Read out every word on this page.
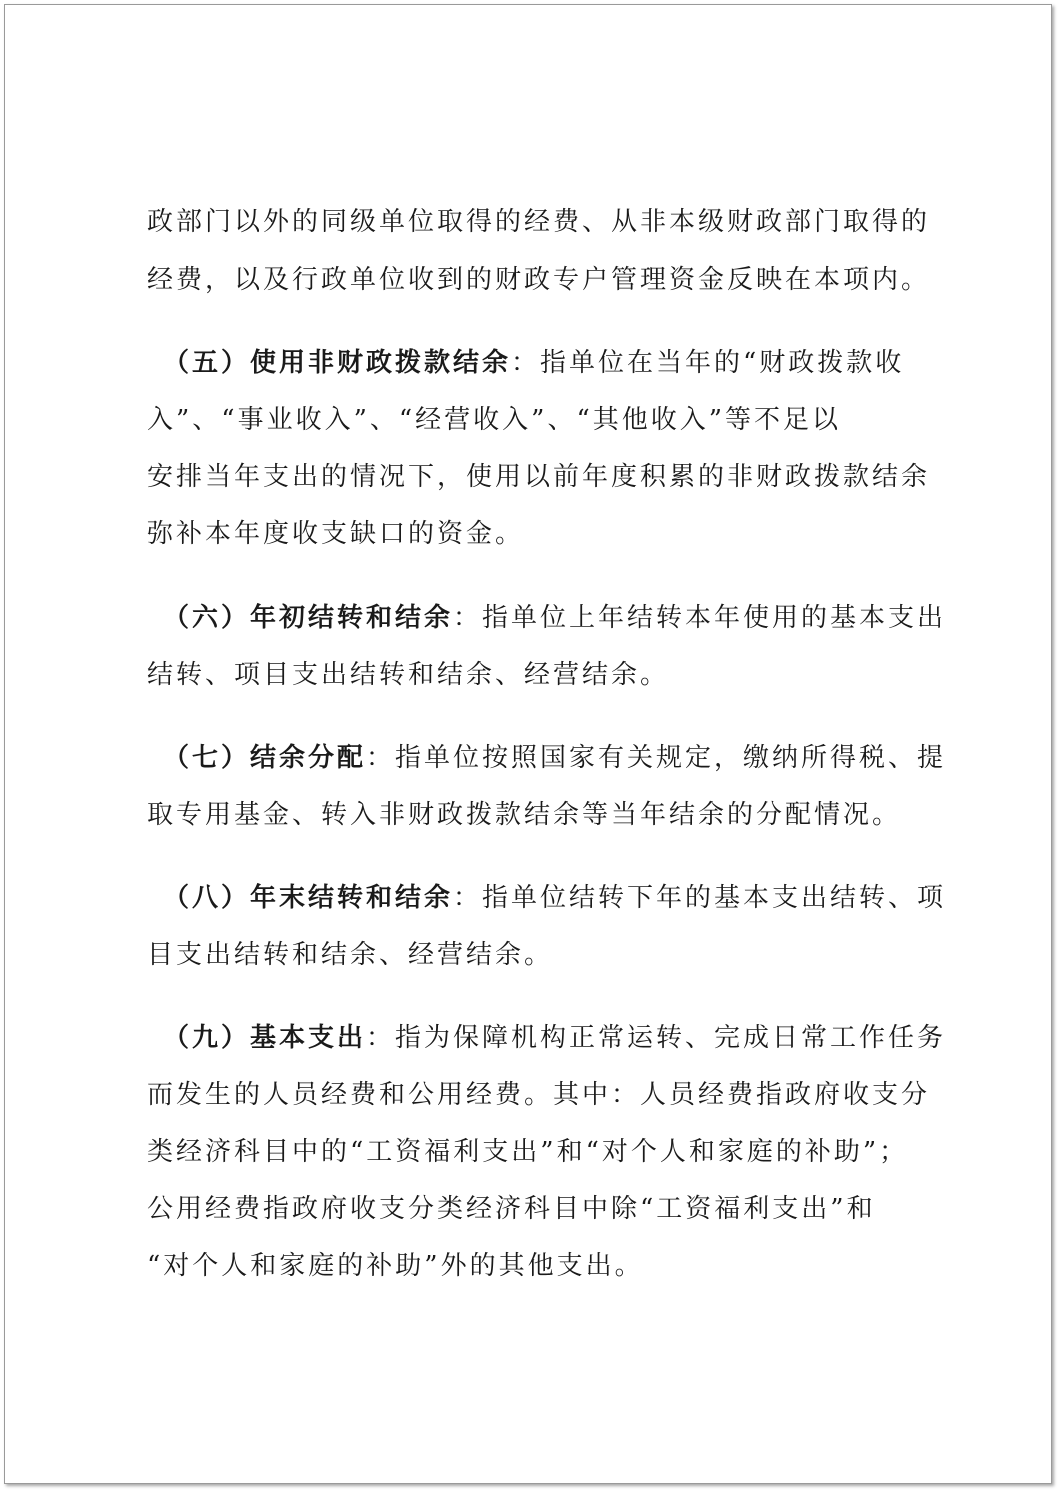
政部门以外的同级单位取得的经费、从非本级财政部门取得的

经费，以及行政单位收到的财政专户管理资金反映在本项内。

（五）使用非财政拨款结余：指单位在当年的“财政拨款收

入”、“事业收入”、“经营收入”、“其他收入”等不足以

安排当年支出的情况下，使用以前年度积累的非财政拨款结余

弥补本年度收支缺口的资金。

（六）年初结转和结余：指单位上年结转本年使用的基本支出

结转、项目支出结转和结余、经营结余。

（七）结余分配：指单位按照国家有关规定，缴纳所得税、提

取专用基金、转入非财政拨款结余等当年结余的分配情况。

（八）年末结转和结余：指单位结转下年的基本支出结转、项

目支出结转和结余、经营结余。

（九）基本支出：指为保障机构正常运转、完成日常工作任务

而发生的人员经费和公用经费。其中：人员经费指政府收支分

类经济科目中的“工资福利支出”和“对个人和家庭的补助”；

公用经费指政府收支分类经济科目中除“工资福利支出”和

“对个人和家庭的补助”外的其他支出。
